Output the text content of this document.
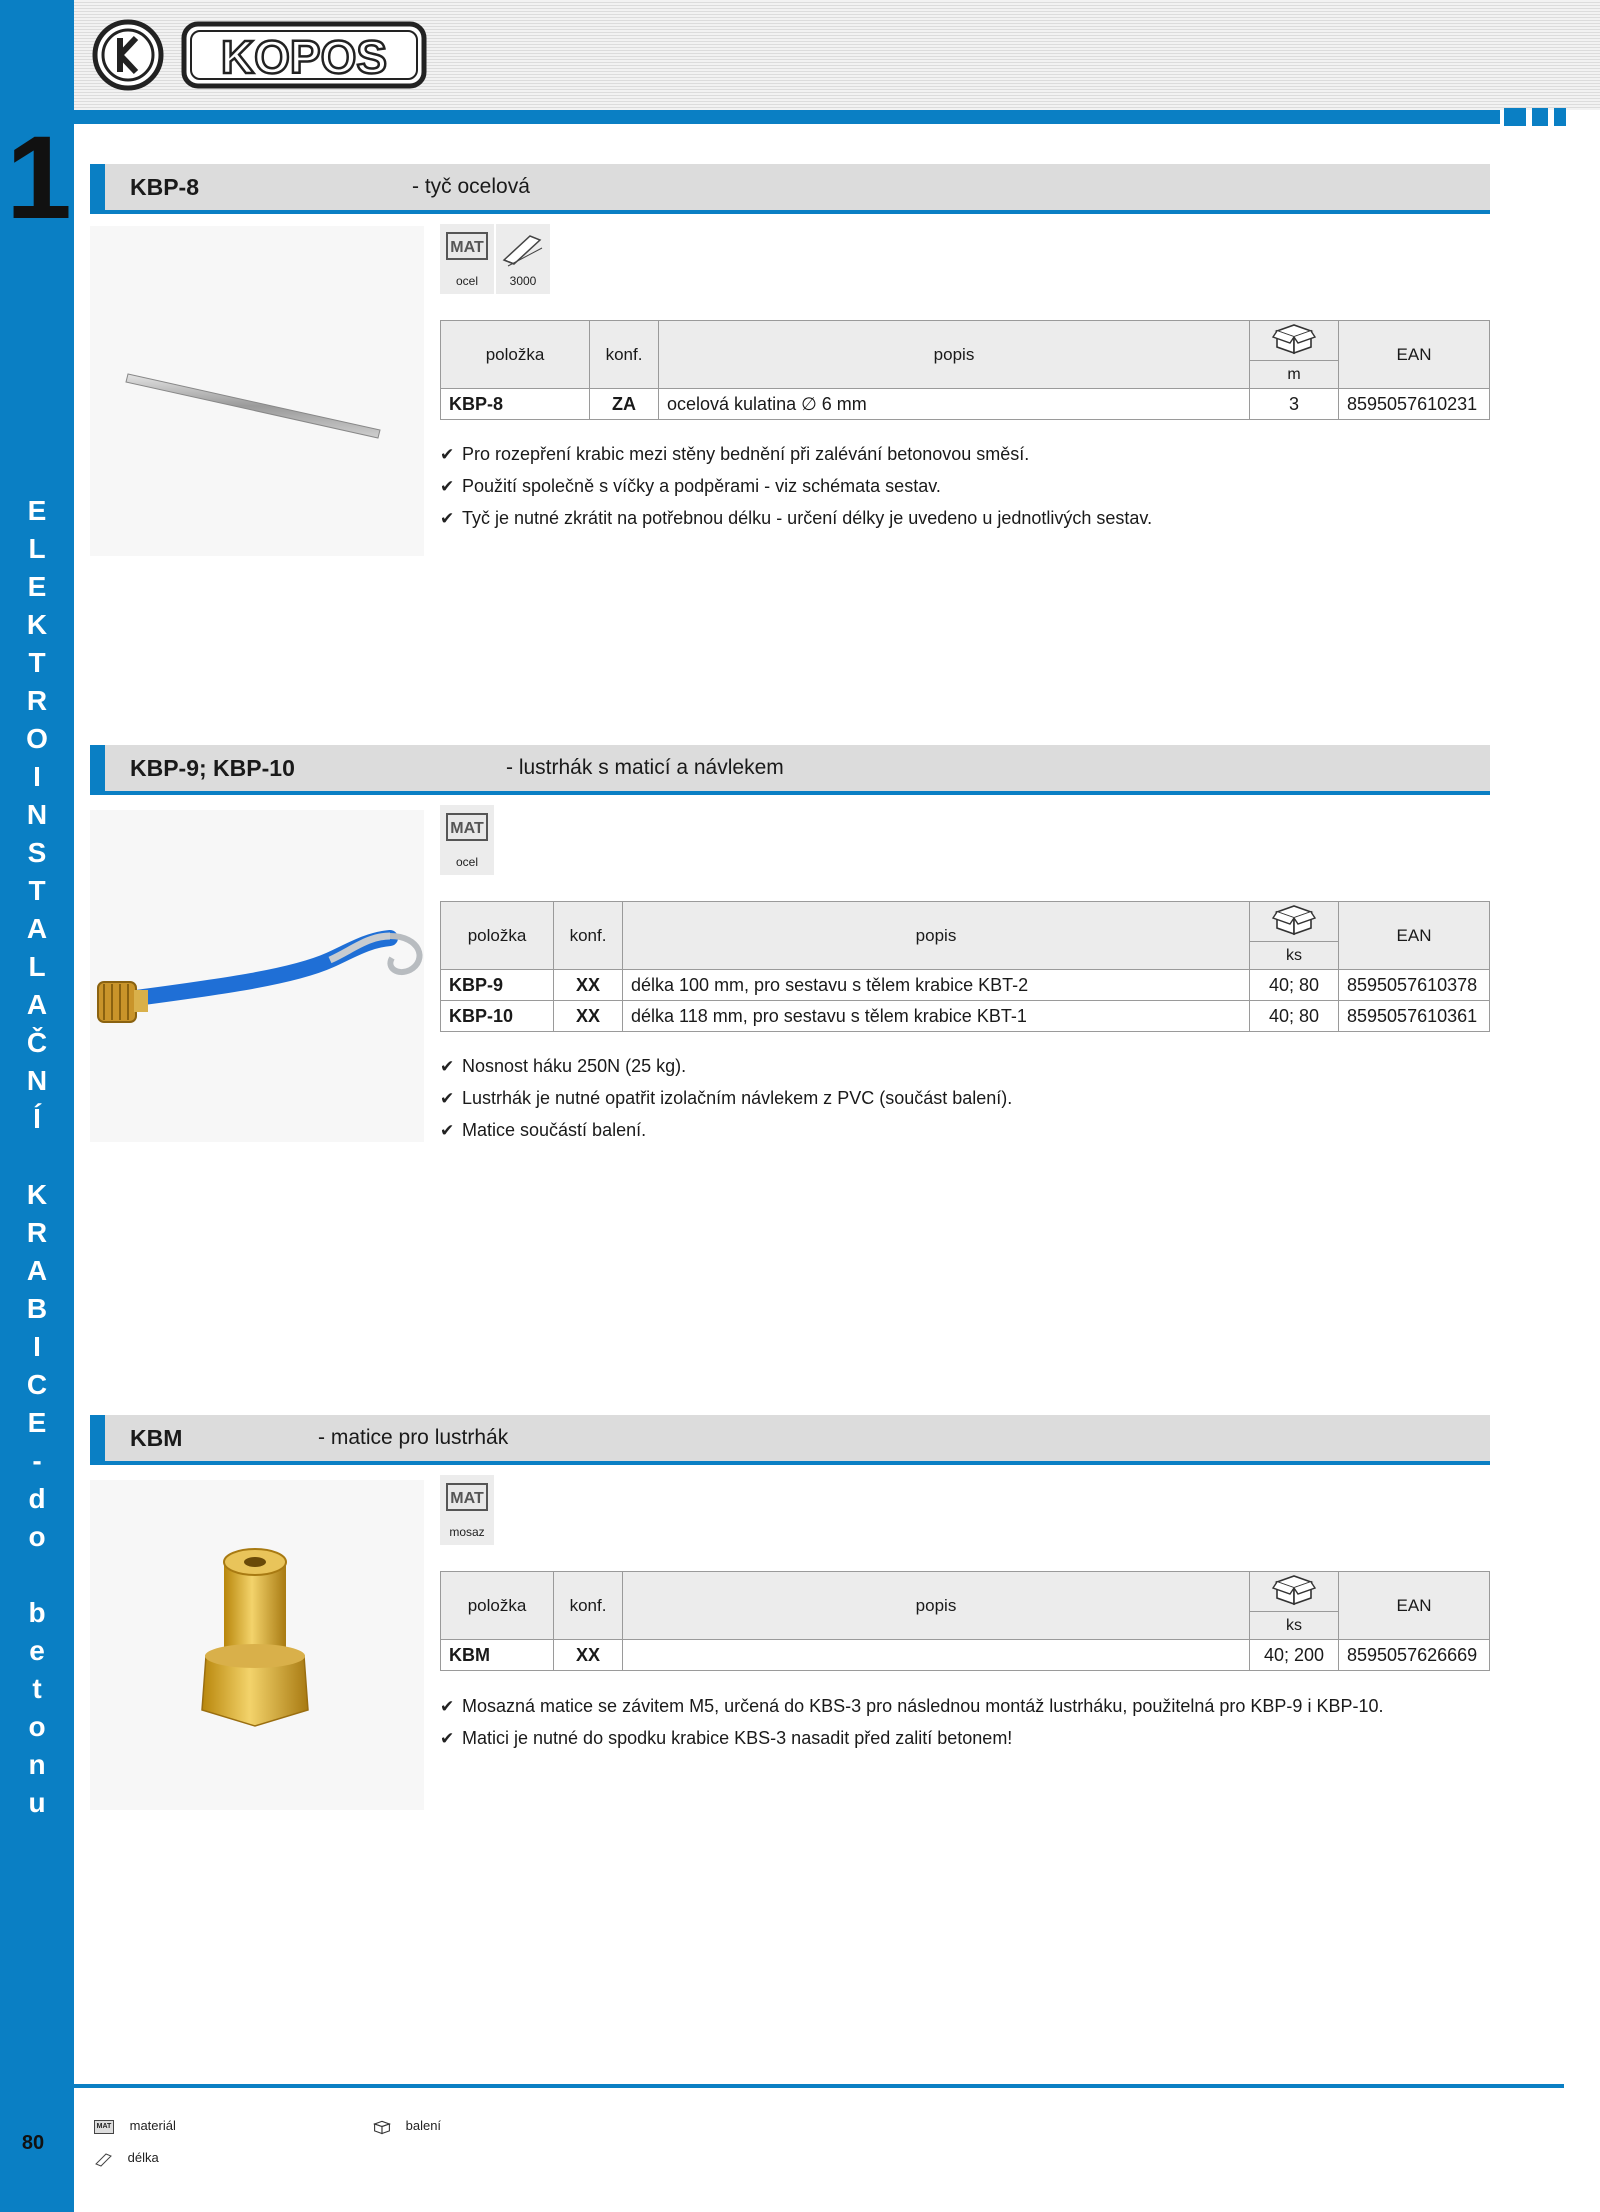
1
E
L
E
K
T
R
O
I
N
S
T
A
L
A
Č
N
Í
K
R
A
B
I
C
E
-
d
o
b
e
t
o
n
u
80
KOPOS
KBP-8	- tyč ocelová
MAT
ocel	3000
položka	konf.	popis		EAN
			m	
KBP-8	ZA	ocelová kulatina ∅ 6 mm	3	8595057610231
✔ Pro rozepření krabic mezi stěny bednění při zalévání betonovou směsí.
✔ Použití společně s víčky a podpěrami - viz schémata sestav.
✔ Tyč je nutné zkrátit na potřebnou délku - určení délky je uvedeno u jednotlivých sestav.
KBP-9; KBP-10	- lustrhák s maticí a návlekem
MAT
ocel
položka	konf.	popis		EAN
			ks	
KBP-9	XX	délka 100 mm, pro sestavu s tělem krabice KBT-2	40; 80	8595057610378
KBP-10	XX	délka 118 mm, pro sestavu s tělem krabice KBT-1	40; 80	8595057610361
✔ Nosnost háku 250N (25 kg).
✔ Lustrhák je nutné opatřit izolačním návlekem z PVC (součást balení).
✔ Matice součástí balení.
KBM	- matice pro lustrhák
MAT
mosaz
položka	konf.	popis		EAN
			ks	
KBM	XX		40; 200	8595057626669
✔ Mosazná matice se závitem M5, určená do KBS-3 pro následnou montáž lustrháku, použitelná pro KBP-9 i KBP-10.
✔ Matici je nutné do spodku krabice KBS-3 nasadit před zalití betonem!
MAT materiál
délka
balení
